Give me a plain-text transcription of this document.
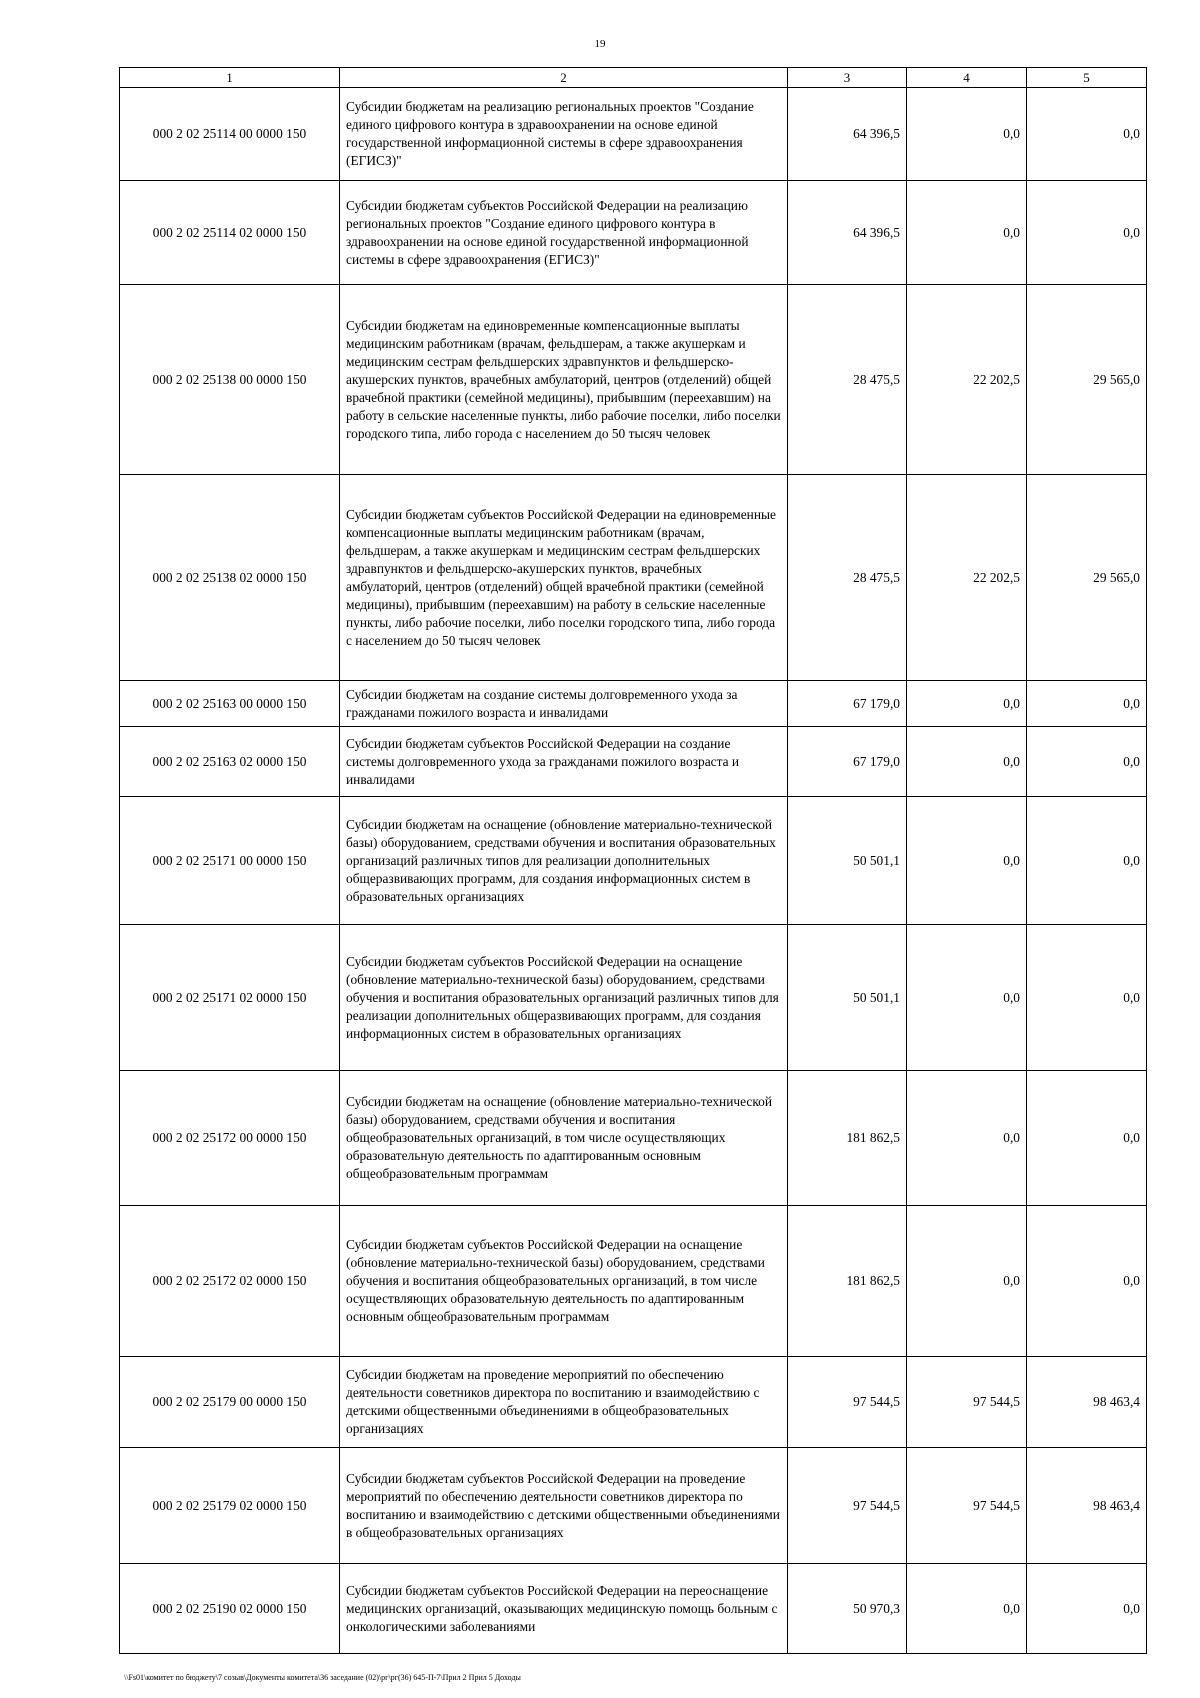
19
1	2	3	4	5
000 2 02 25114 00 0000 150	Субсидии бюджетам на реализацию региональных проектов "Создание единого цифрового контура в здравоохранении на основе единой государственной информационной системы в сфере здравоохранения (ЕГИСЗ)"	64 396,5	0,0	0,0
000 2 02 25114 02 0000 150	Субсидии бюджетам субъектов Российской Федерации на реализацию региональных проектов "Создание единого цифрового контура в здравоохранении на основе единой государственной информационной системы в сфере здравоохранения (ЕГИСЗ)"	64 396,5	0,0	0,0
000 2 02 25138 00 0000 150	Субсидии бюджетам на единовременные компенсационные выплаты медицинским работникам (врачам, фельдшерам, а также акушеркам и медицинским сестрам фельдшерских здравпунктов и фельдшерско-акушерских пунктов, врачебных амбулаторий, центров (отделений) общей врачебной практики (семейной медицины), прибывшим (переехавшим) на работу в сельские населенные пункты, либо рабочие поселки, либо поселки городского типа, либо города с населением до 50 тысяч человек	28 475,5	22 202,5	29 565,0
000 2 02 25138 02 0000 150	Субсидии бюджетам субъектов Российской Федерации на единовременные компенсационные выплаты медицинским работникам (врачам, фельдшерам, а также акушеркам и медицинским сестрам фельдшерских здравпунктов и фельдшерско-акушерских пунктов, врачебных амбулаторий, центров (отделений) общей врачебной практики (семейной медицины), прибывшим (переехавшим) на работу в сельские населенные пункты, либо рабочие поселки, либо поселки городского типа, либо города с населением до 50 тысяч человек	28 475,5	22 202,5	29 565,0
000 2 02 25163 00 0000 150	Субсидии бюджетам на создание системы долговременного ухода за гражданами пожилого возраста и инвалидами	67 179,0	0,0	0,0
000 2 02 25163 02 0000 150	Субсидии бюджетам субъектов Российской Федерации на создание системы долговременного ухода за гражданами пожилого возраста и инвалидами	67 179,0	0,0	0,0
000 2 02 25171 00 0000 150	Субсидии бюджетам на оснащение (обновление материально-технической базы) оборудованием, средствами обучения и воспитания образовательных организаций различных типов для реализации дополнительных общеразвивающих программ, для создания информационных систем в образовательных организациях	50 501,1	0,0	0,0
000 2 02 25171 02 0000 150	Субсидии бюджетам субъектов Российской Федерации на оснащение (обновление материально-технической базы) оборудованием, средствами обучения и воспитания образовательных организаций различных типов для реализации дополнительных общеразвивающих программ, для создания информационных систем в образовательных организациях	50 501,1	0,0	0,0
000 2 02 25172 00 0000 150	Субсидии бюджетам на оснащение (обновление материально-технической базы) оборудованием, средствами обучения и воспитания общеобразовательных организаций, в том числе осуществляющих образовательную деятельность по адаптированным основным общеобразовательным программам	181 862,5	0,0	0,0
000 2 02 25172 02 0000 150	Субсидии бюджетам субъектов Российской Федерации на оснащение (обновление материально-технической базы) оборудованием, средствами обучения и воспитания общеобразовательных организаций, в том числе осуществляющих образовательную деятельность по адаптированным основным общеобразовательным программам	181 862,5	0,0	0,0
000 2 02 25179 00 0000 150	Субсидии бюджетам на проведение мероприятий по обеспечению деятельности советников директора по воспитанию и взаимодействию с детскими общественными объединениями в общеобразовательных организациях	97 544,5	97 544,5	98 463,4
000 2 02 25179 02 0000 150	Субсидии бюджетам субъектов Российской Федерации на проведение мероприятий по обеспечению деятельности советников директора по воспитанию и взаимодействию с детскими общественными объединениями в общеобразовательных организациях	97 544,5	97 544,5	98 463,4
000 2 02 25190 02 0000 150	Субсидии бюджетам субъектов Российской Федерации на переоснащение медицинских организаций, оказывающих медицинскую помощь больным с онкологическими заболеваниями	50 970,3	0,0	0,0
\\Fs01\комитет по бюджету\7 созыв\Документы комитета\36 заседание (02)\рг\рг(36) 645-П-7\Прил 2 Прил 5 Доходы
